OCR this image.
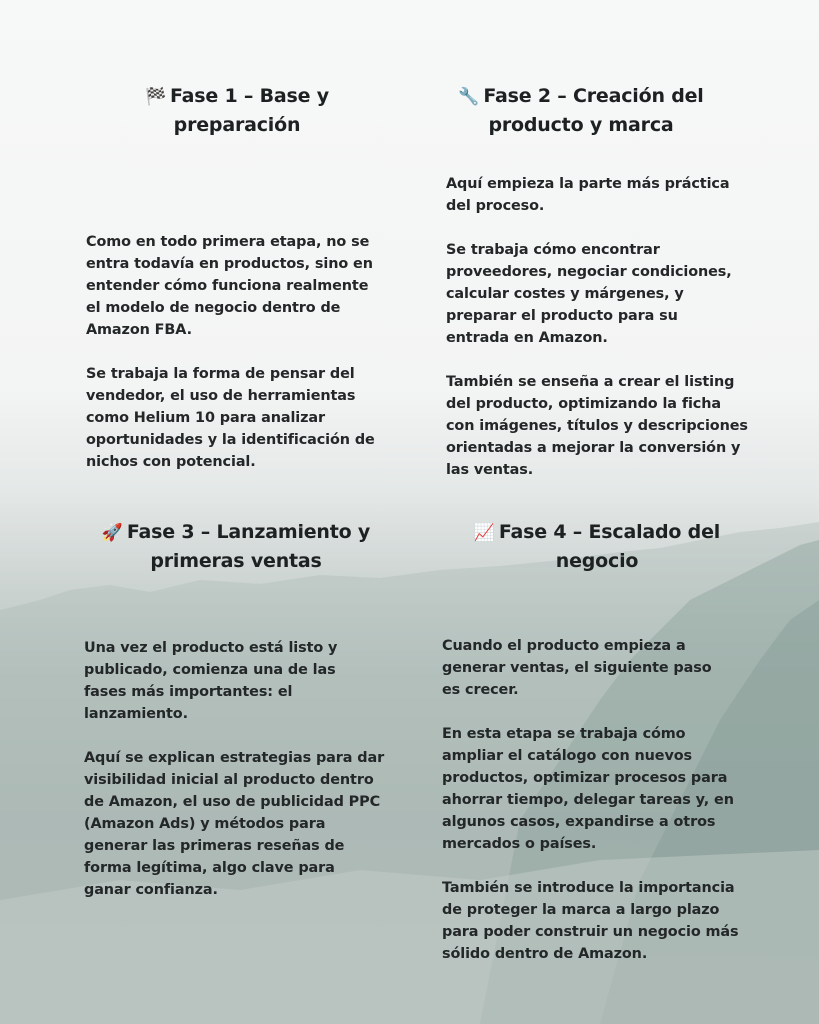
🏁 Fase 1 – Base y preparación

Como en todo primera etapa, no se entra todavía en productos, sino en entender cómo funciona realmente el modelo de negocio dentro de Amazon FBA.

Se trabaja la forma de pensar del vendedor, el uso de herramientas como Helium 10 para analizar oportunidades y la identificación de nichos con potencial.

🔧 Fase 2 – Creación del producto y marca

Aquí empieza la parte más práctica del proceso.

Se trabaja cómo encontrar proveedores, negociar condiciones, calcular costes y márgenes, y preparar el producto para su entrada en Amazon.

También se enseña a crear el listing del producto, optimizando la ficha con imágenes, títulos y descripciones orientadas a mejorar la conversión y las ventas.

🚀 Fase 3 – Lanzamiento y primeras ventas

Una vez el producto está listo y publicado, comienza una de las fases más importantes: el lanzamiento.

Aquí se explican estrategias para dar visibilidad inicial al producto dentro de Amazon, el uso de publicidad PPC (Amazon Ads) y métodos para generar las primeras reseñas de forma legítima, algo clave para ganar confianza.

📈 Fase 4 – Escalado del negocio

Cuando el producto empieza a generar ventas, el siguiente paso es crecer.

En esta etapa se trabaja cómo ampliar el catálogo con nuevos productos, optimizar procesos para ahorrar tiempo, delegar tareas y, en algunos casos, expandirse a otros mercados o países.

También se introduce la importancia de proteger la marca a largo plazo para poder construir un negocio más sólido dentro de Amazon.
